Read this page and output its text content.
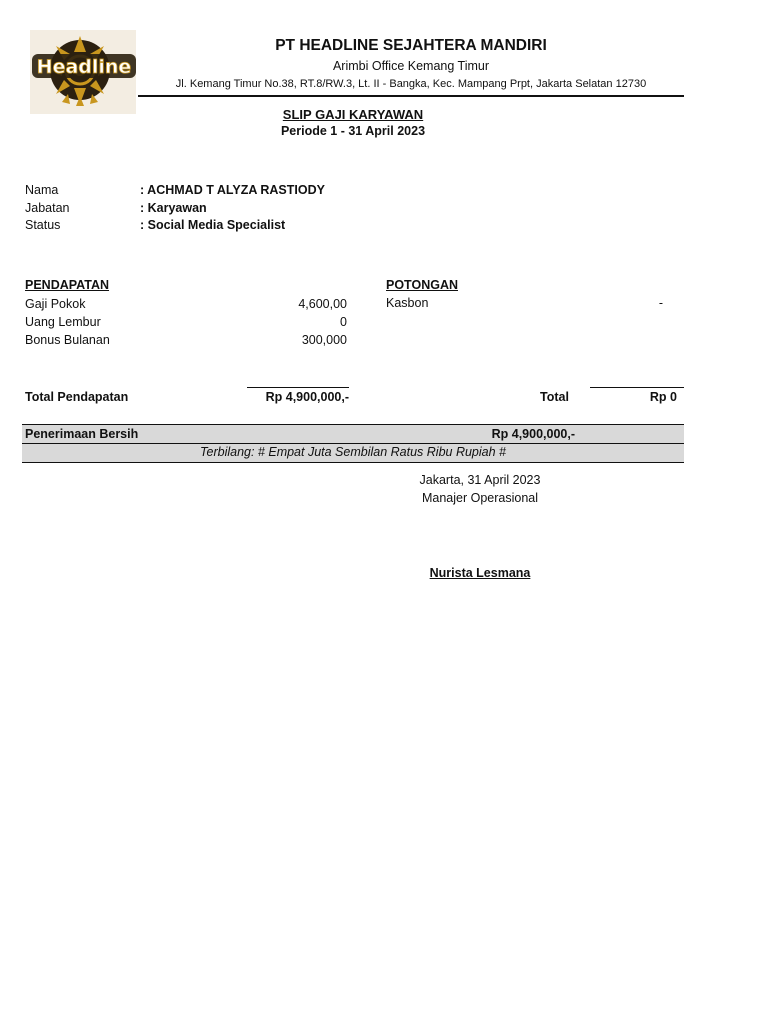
Headline
PT HEADLINE SEJAHTERA MANDIRI
Arimbi Office Kemang Timur
Jl. Kemang Timur No.38, RT.8/RW.3, Lt. II - Bangka, Kec. Mampang Prpt, Jakarta Selatan 12730
SLIP GAJI KARYAWAN
Periode 1 - 31 April 2023
Nama	: ACHMAD T ALYZA RASTIODY
Jabatan	: Karyawan
Status	: Social Media Specialist
PENDAPATAN
Gaji Pokok	4,600,00
Uang Lembur	0
Bonus Bulanan	300,000
Total Pendapatan	Rp 4,900,000,-
POTONGAN
Kasbon	-
Total	Rp 0
Penerimaan Bersih	Rp 4,900,000,-
Terbilang: # Empat Juta Sembilan Ratus Ribu Rupiah #
Jakarta, 31 April 2023
Manajer Operasional
Nurista Lesmana
